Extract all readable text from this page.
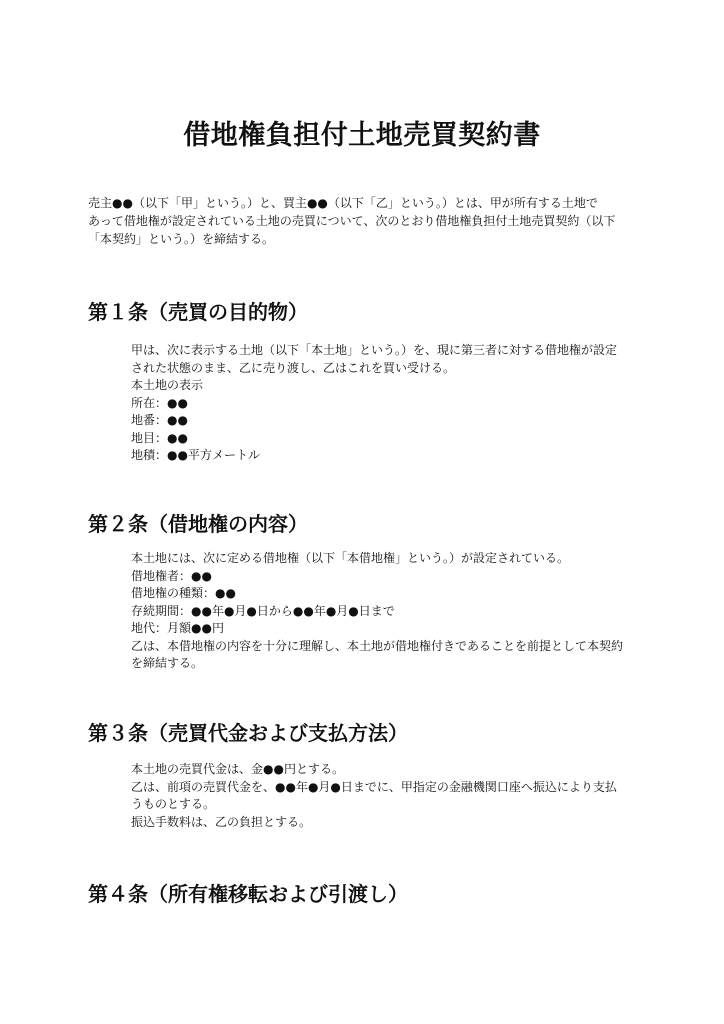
借地権負担付土地売買契約書
売主●●（以下「甲」という。）と、買主●●（以下「乙」という。）とは、甲が所有する土地で
あって借地権が設定されている土地の売買について、次のとおり借地権負担付土地売買契約（以下
「本契約」という。）を締結する。
第１条（売買の目的物）
甲は、次に表示する土地（以下「本土地」という。）を、現に第三者に対する借地権が設定
された状態のまま、乙に売り渡し、乙はこれを買い受ける。
本土地の表示
所在：●●
地番：●●
地目：●●
地積：●●平方メートル
第２条（借地権の内容）
本土地には、次に定める借地権（以下「本借地権」という。）が設定されている。
借地権者：●●
借地権の種類：●●
存続期間：●●年●月●日から●●年●月●日まで
地代：月額●●円
乙は、本借地権の内容を十分に理解し、本土地が借地権付きであることを前提として本契約
を締結する。
第３条（売買代金および支払方法）
本土地の売買代金は、金●●円とする。
乙は、前項の売買代金を、●●年●月●日までに、甲指定の金融機関口座へ振込により支払
うものとする。
振込手数料は、乙の負担とする。
第４条（所有権移転および引渡し）
